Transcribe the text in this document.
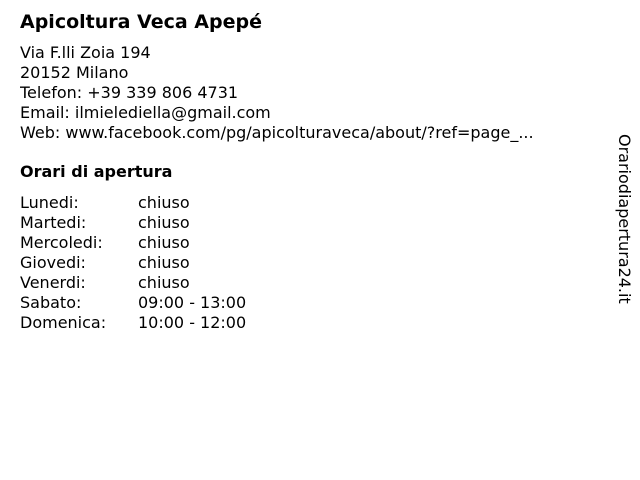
Apicoltura Veca Apepé
Via F.lli Zoia 194
20152 Milano
Telefon: +39 339 806 4731
Email: ilmielediella@gmail.com
Web: www.facebook.com/pg/apicolturaveca/about/?ref=page_...
Orari di apertura
Lunedi:	chiuso
Martedi:	chiuso
Mercoledi:	chiuso
Giovedi:	chiuso
Venerdi:	chiuso
Sabato:	09:00 - 13:00
Domenica:	10:00 - 12:00
Orariodiapertura24.it
